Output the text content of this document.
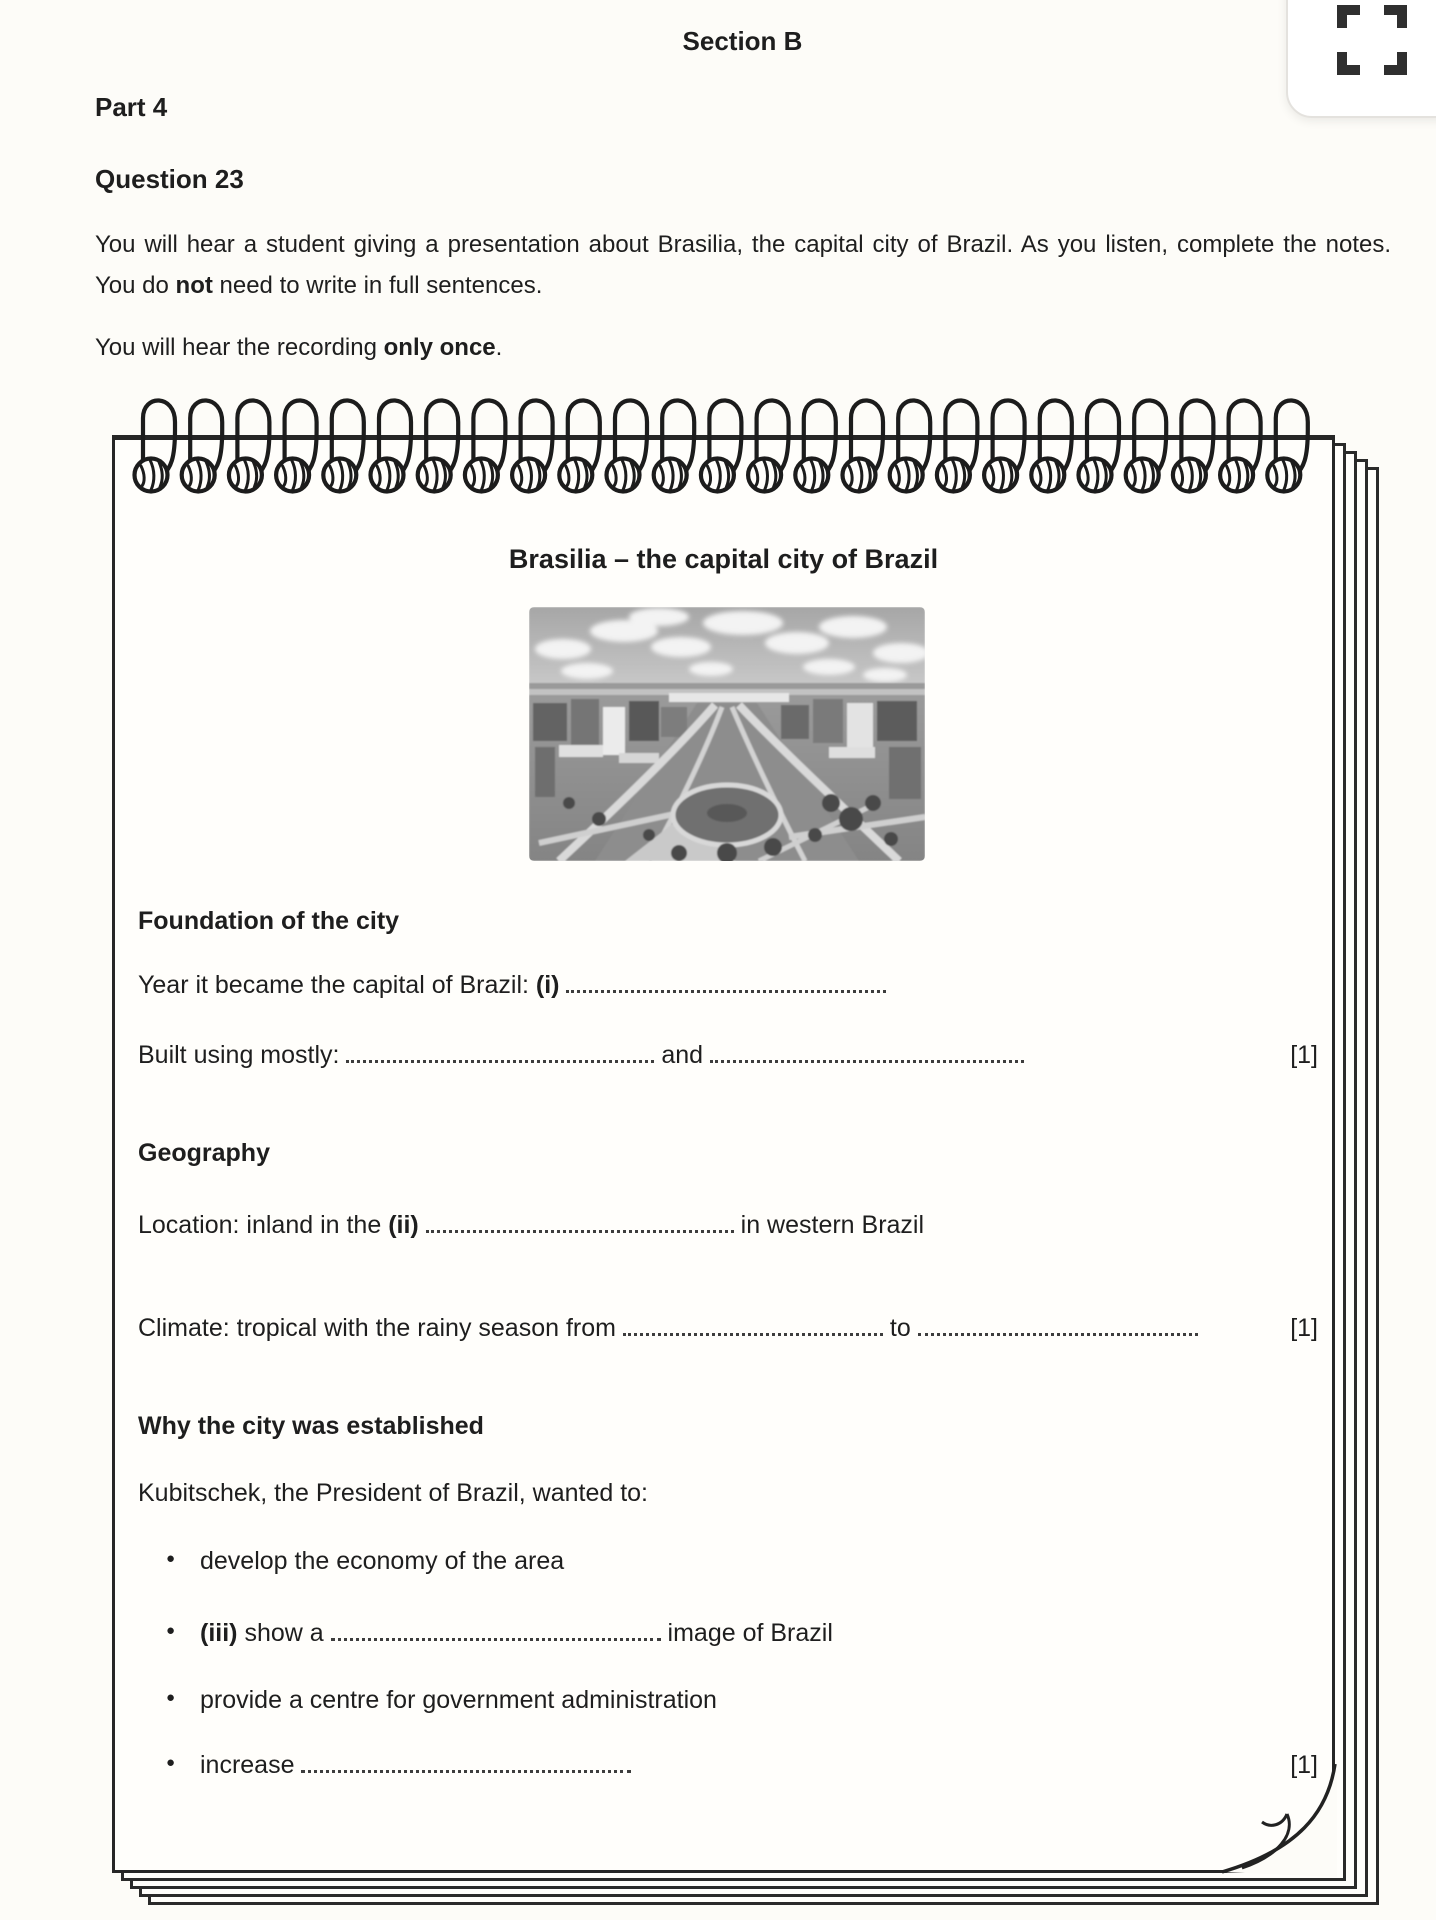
Section B
Part 4
Question 23

You will hear a student giving a presentation about Brasilia, the capital city of Brazil. As you listen, complete the notes. You do not need to write in full sentences.

You will hear the recording only once.

Brasilia – the capital city of Brazil
Foundation of the city
Year it became the capital of Brazil: (i)
Built using mostly:	and	[1]
Geography
Location: inland in the (ii)	in western Brazil
Climate: tropical with the rainy season from	to	[1]
Why the city was established
Kubitschek, the President of Brazil, wanted to:
● develop the economy of the area
● (iii) show a	image of Brazil
● provide a centre for government administration
● increase	[1]
